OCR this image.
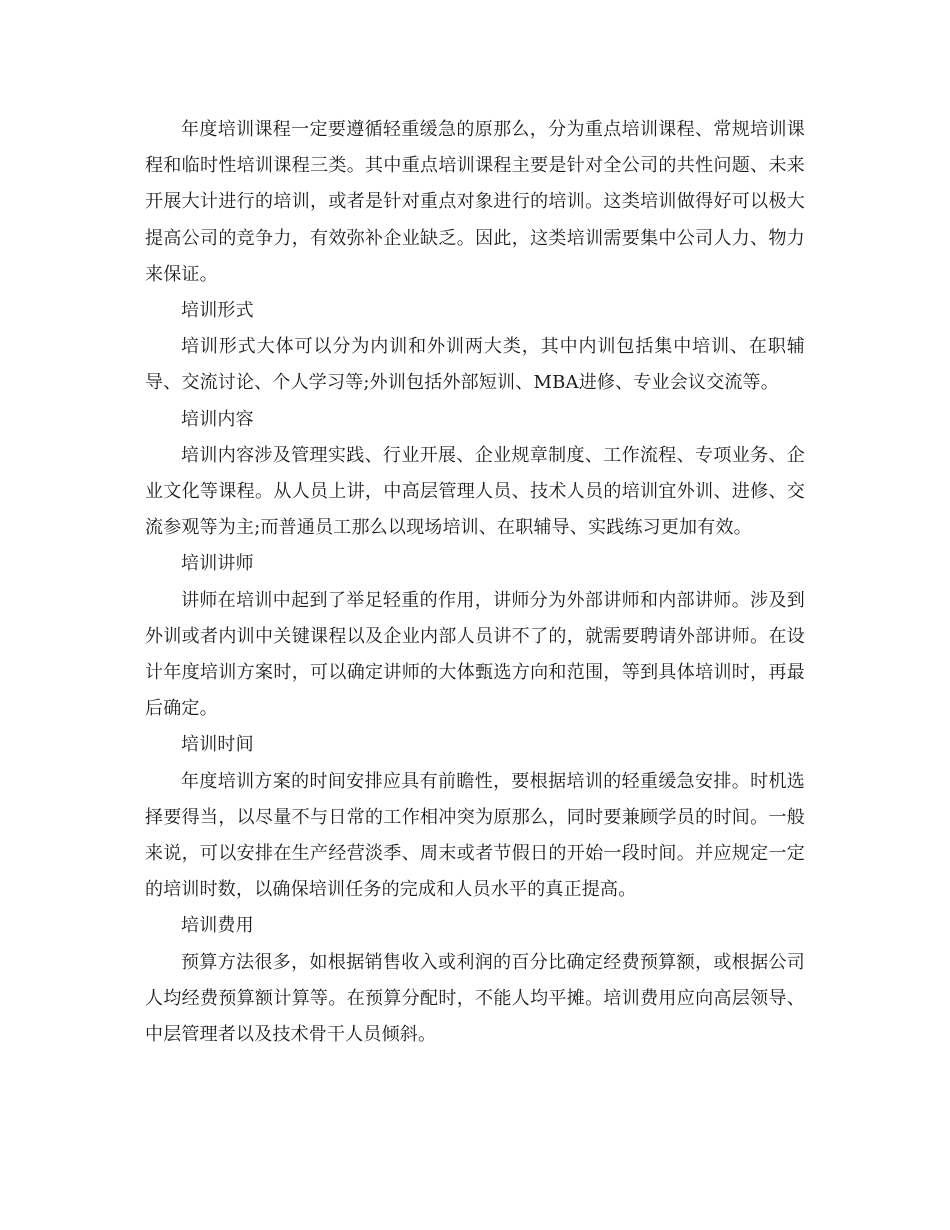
年度培训课程一定要遵循轻重缓急的原那么，分为重点培训课程、常规培训课程和临时性培训课程三类。其中重点培训课程主要是针对全公司的共性问题、未来开展大计进行的培训，或者是针对重点对象进行的培训。这类培训做得好可以极大提高公司的竞争力，有效弥补企业缺乏。因此，这类培训需要集中公司人力、物力来保证。

培训形式

培训形式大体可以分为内训和外训两大类，其中内训包括集中培训、在职辅导、交流讨论、个人学习等;外训包括外部短训、MBA进修、专业会议交流等。

培训内容

培训内容涉及管理实践、行业开展、企业规章制度、工作流程、专项业务、企业文化等课程。从人员上讲，中高层管理人员、技术人员的培训宜外训、进修、交流参观等为主;而普通员工那么以现场培训、在职辅导、实践练习更加有效。

培训讲师

讲师在培训中起到了举足轻重的作用，讲师分为外部讲师和内部讲师。涉及到外训或者内训中关键课程以及企业内部人员讲不了的，就需要聘请外部讲师。在设计年度培训方案时，可以确定讲师的大体甄选方向和范围，等到具体培训时，再最后确定。

培训时间

年度培训方案的时间安排应具有前瞻性，要根据培训的轻重缓急安排。时机选择要得当，以尽量不与日常的工作相冲突为原那么，同时要兼顾学员的时间。一般来说，可以安排在生产经营淡季、周末或者节假日的开始一段时间。并应规定一定的培训时数，以确保培训任务的完成和人员水平的真正提高。

培训费用

预算方法很多，如根据销售收入或利润的百分比确定经费预算额，或根据公司人均经费预算额计算等。在预算分配时，不能人均平摊。培训费用应向高层领导、中层管理者以及技术骨干人员倾斜。
